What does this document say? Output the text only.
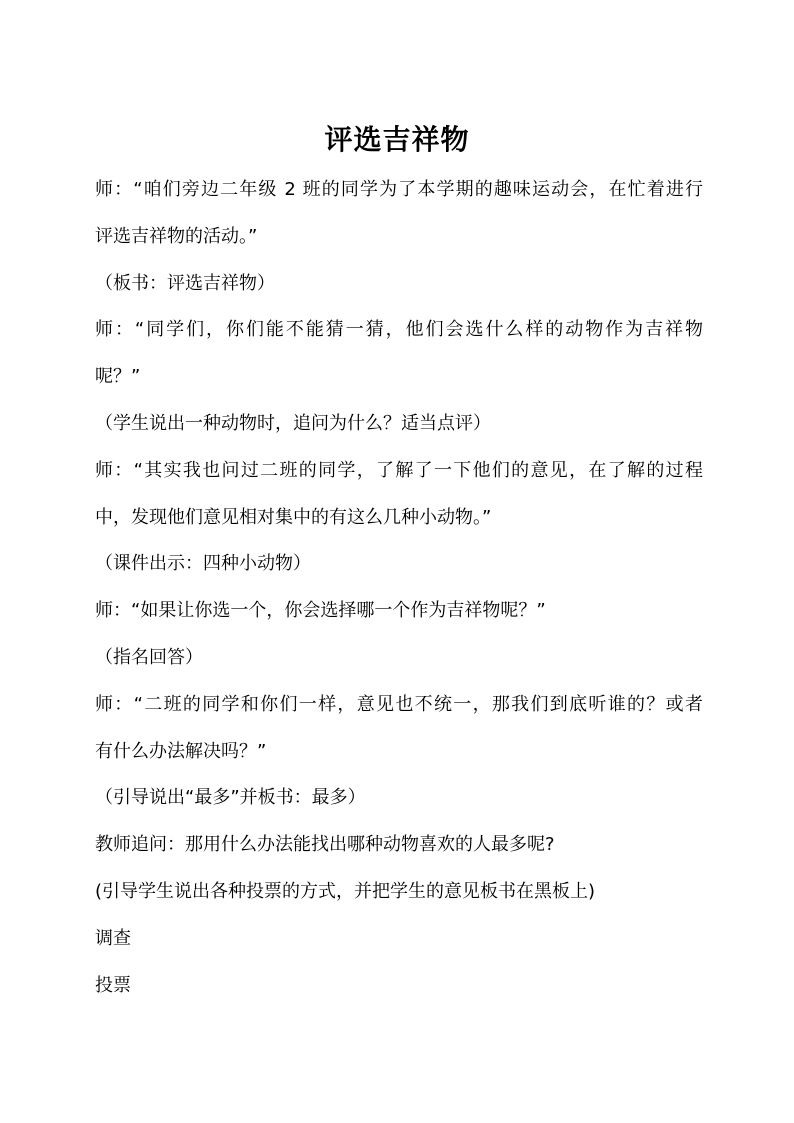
评选吉祥物
师：“咱们旁边二年级 2 班的同学为了本学期的趣味运动会，在忙着进行
评选吉祥物的活动。”
（板书：评选吉祥物）
师：“同学们，你们能不能猜一猜，他们会选什么样的动物作为吉祥物
呢？”
（学生说出一种动物时，追问为什么？适当点评）
师：“其实我也问过二班的同学，了解了一下他们的意见，在了解的过程
中，发现他们意见相对集中的有这么几种小动物。”
（课件出示：四种小动物）
师：“如果让你选一个，你会选择哪一个作为吉祥物呢？”
（指名回答）
师：“二班的同学和你们一样，意见也不统一，那我们到底听谁的？或者
有什么办法解决吗？”
（引导说出“最多”并板书：最多）
教师追问：那用什么办法能找出哪种动物喜欢的人最多呢?
(引导学生说出各种投票的方式，并把学生的意见板书在黑板上)
调查
投票
